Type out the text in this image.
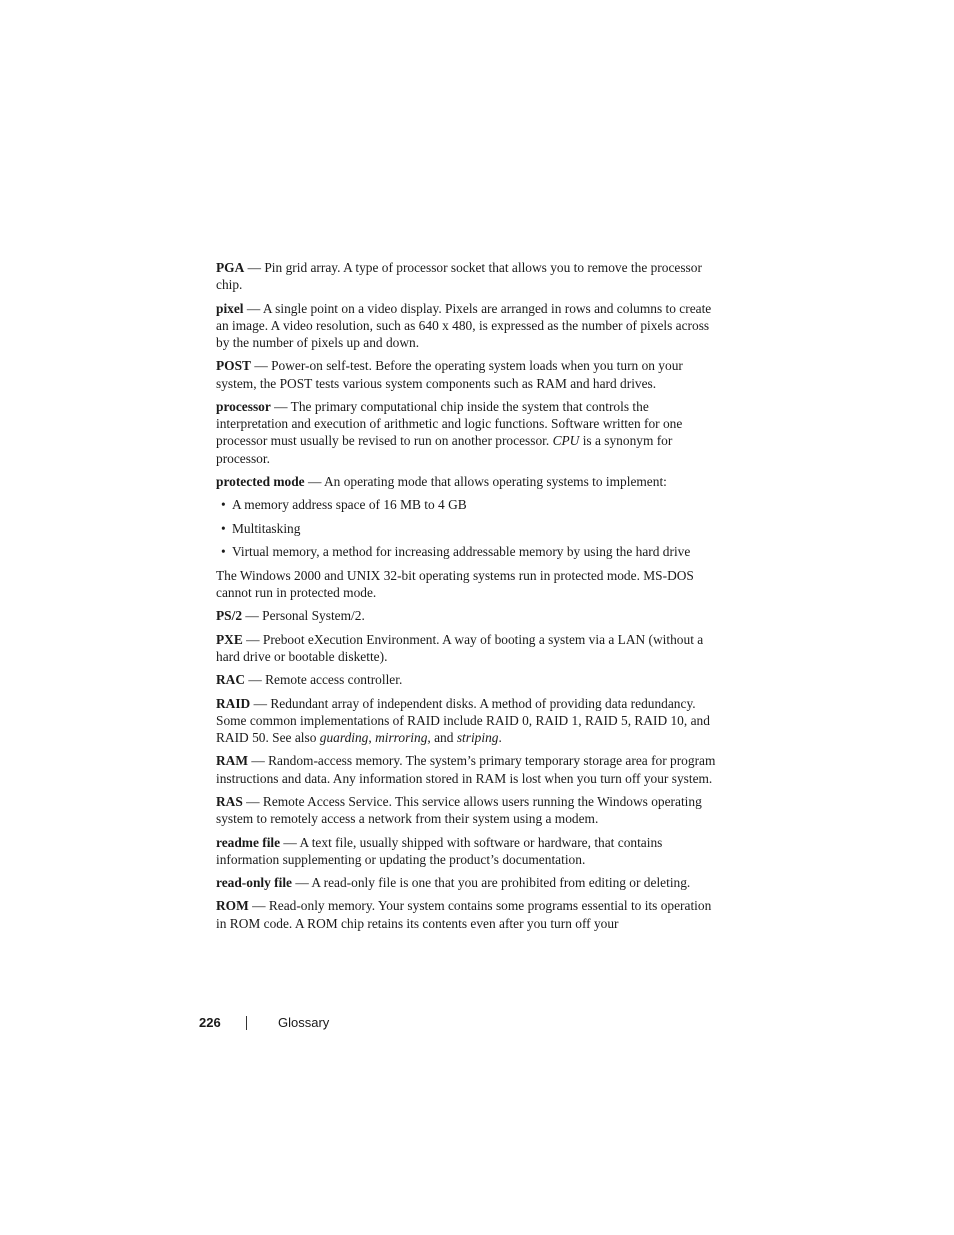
PGA — Pin grid array. A type of processor socket that allows you to remove the processor chip.

pixel — A single point on a video display. Pixels are arranged in rows and columns to create an image. A video resolution, such as 640 x 480, is expressed as the number of pixels across by the number of pixels up and down.

POST — Power-on self-test. Before the operating system loads when you turn on your system, the POST tests various system components such as RAM and hard drives.

processor — The primary computational chip inside the system that controls the interpretation and execution of arithmetic and logic functions. Software written for one processor must usually be revised to run on another processor. CPU is a synonym for processor.

protected mode — An operating mode that allows operating systems to implement:

• A memory address space of 16 MB to 4 GB
• Multitasking
• Virtual memory, a method for increasing addressable memory by using the hard drive

The Windows 2000 and UNIX 32-bit operating systems run in protected mode. MS-DOS cannot run in protected mode.

PS/2 — Personal System/2.

PXE — Preboot eXecution Environment. A way of booting a system via a LAN (without a hard drive or bootable diskette).

RAC — Remote access controller.

RAID — Redundant array of independent disks. A method of providing data redundancy. Some common implementations of RAID include RAID 0, RAID 1, RAID 5, RAID 10, and RAID 50. See also guarding, mirroring, and striping.

RAM — Random-access memory. The system’s primary temporary storage area for program instructions and data. Any information stored in RAM is lost when you turn off your system.

RAS — Remote Access Service. This service allows users running the Windows operating system to remotely access a network from their system using a modem.

readme file — A text file, usually shipped with software or hardware, that contains information supplementing or updating the product’s documentation.

read-only file — A read-only file is one that you are prohibited from editing or deleting.

ROM — Read-only memory. Your system contains some programs essential to its operation in ROM code. A ROM chip retains its contents even after you turn off your

226	Glossary
